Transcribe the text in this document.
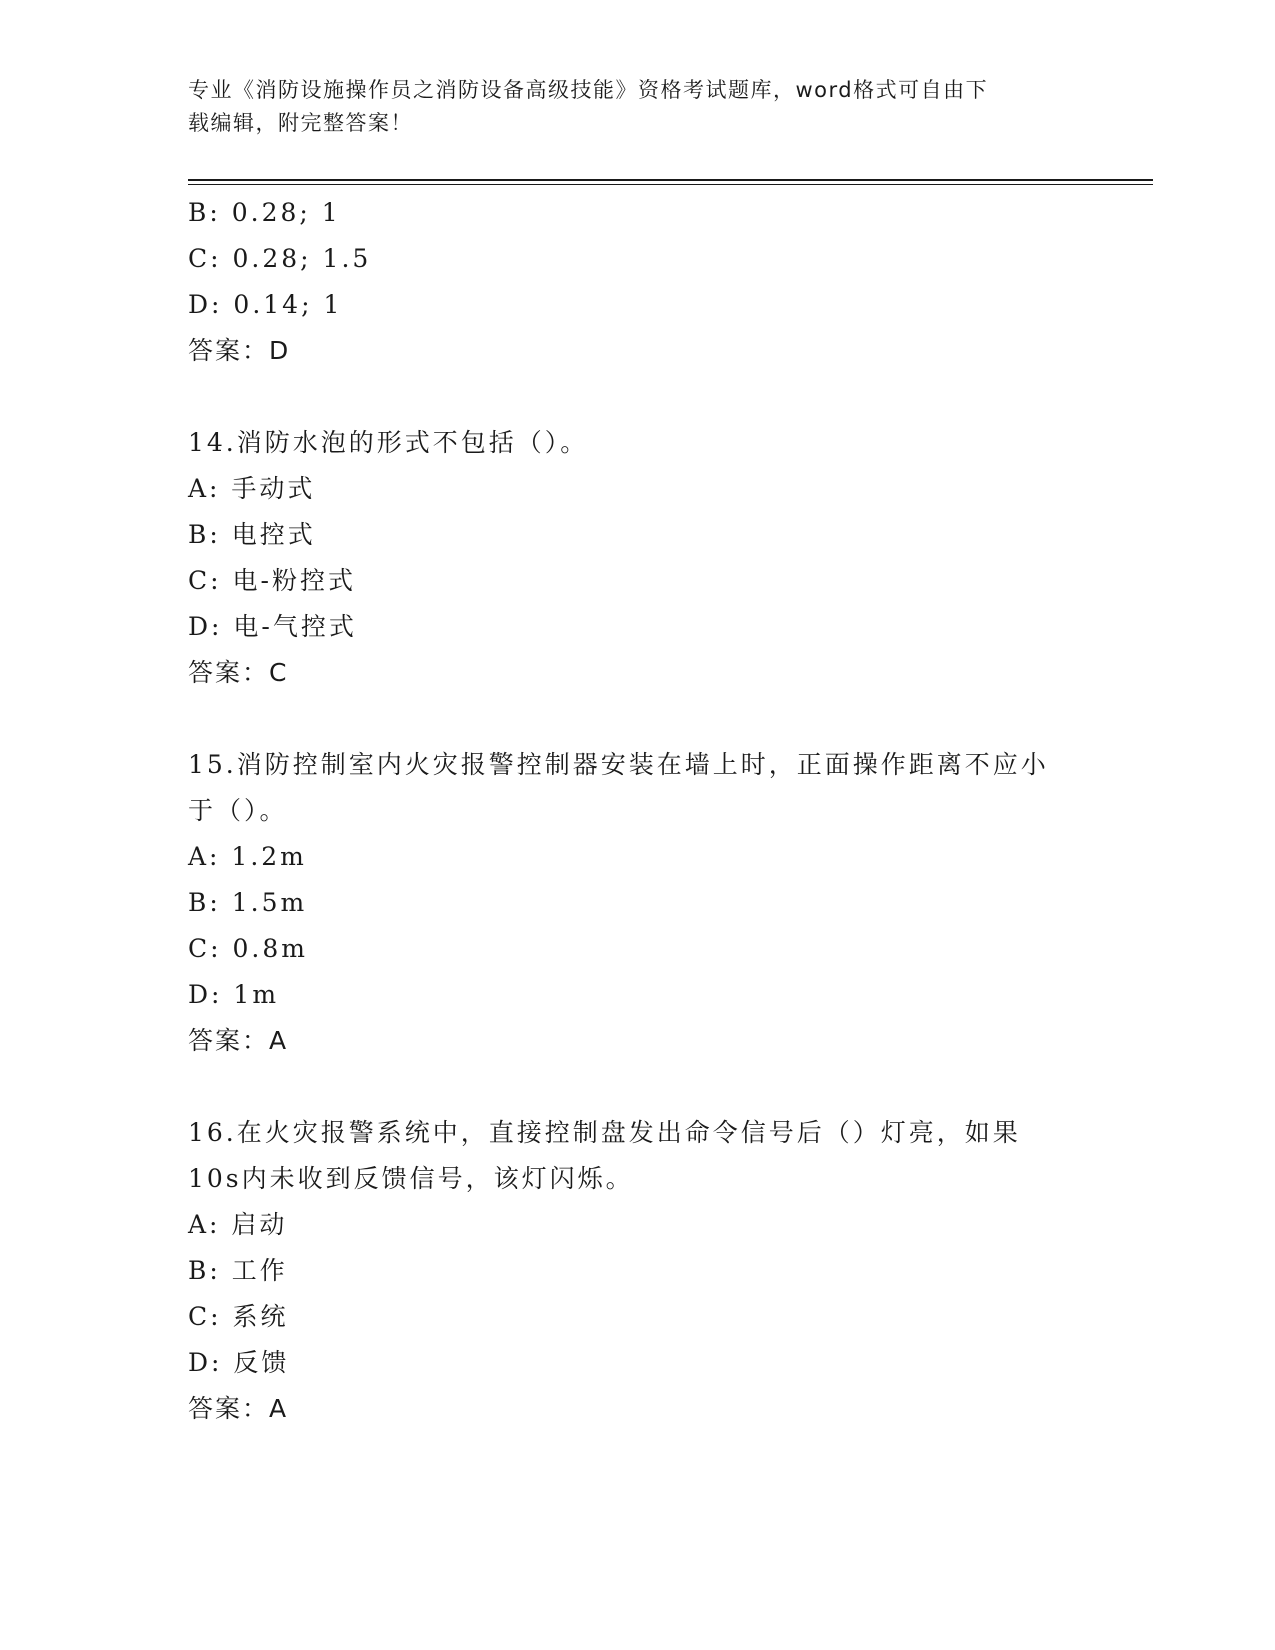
专业《消防设施操作员之消防设备高级技能》资格考试题库，word格式可自由下
载编辑，附完整答案！
B: 0.28; 1
C: 0.28; 1.5
D: 0.14; 1
答案：D
14.消防水泡的形式不包括（）。
A: 手动式
B: 电控式
C: 电-粉控式
D: 电-气控式
答案：C
15.消防控制室内火灾报警控制器安装在墙上时，正面操作距离不应小
于（）。
A: 1.2m
B: 1.5m
C: 0.8m
D: 1m
答案：A
16.在火灾报警系统中，直接控制盘发出命令信号后（）灯亮，如果
10s内未收到反馈信号，该灯闪烁。
A: 启动
B: 工作
C: 系统
D: 反馈
答案：A
